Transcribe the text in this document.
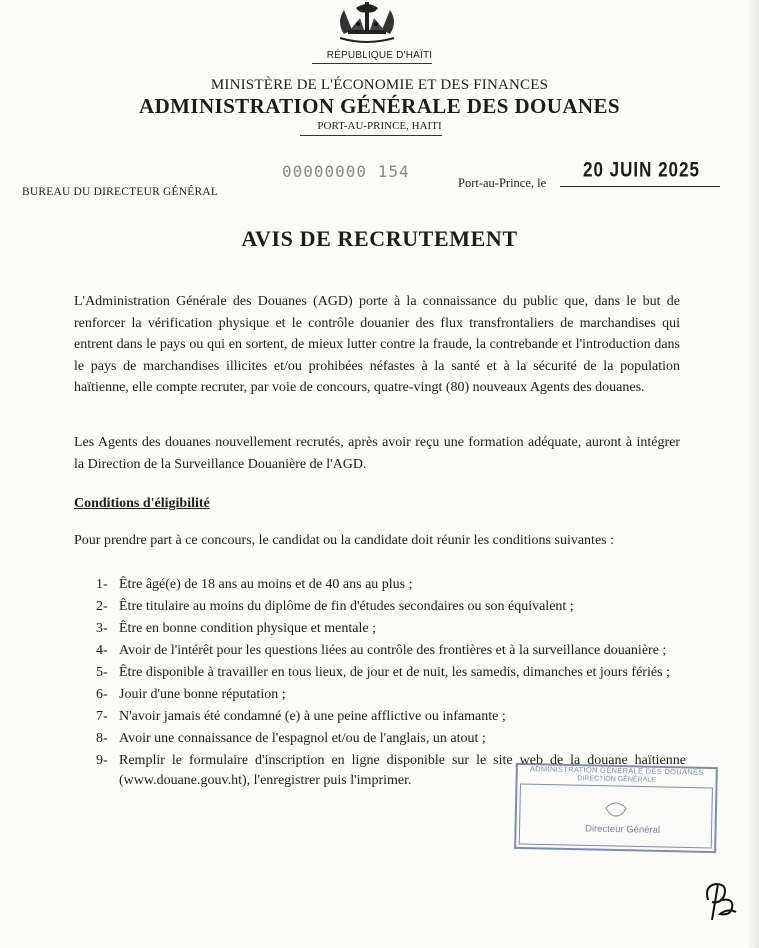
RÉPUBLIQUE D'HAÏTI
MINISTÈRE DE L'ÉCONOMIE ET DES FINANCES
ADMINISTRATION GÉNÉRALE DES DOUANES
PORT-AU-PRINCE, HAITI
00000000 154
BUREAU DU DIRECTEUR GÉNÉRAL
Port-au-Prince, le
20 JUIN 2025
AVIS DE RECRUTEMENT
L'Administration Générale des Douanes (AGD) porte à la connaissance du public que, dans le but de renforcer la vérification physique et le contrôle douanier des flux transfrontaliers de marchandises qui entrent dans le pays ou qui en sortent, de mieux lutter contre la fraude, la contrebande et l'introduction dans le pays de marchandises illicites et/ou prohibées néfastes à la santé et à la sécurité de la population haïtienne, elle compte recruter, par voie de concours, quatre-vingt (80) nouveaux Agents des douanes.
Les Agents des douanes nouvellement recrutés, après avoir reçu une formation adéquate, auront à intégrer la Direction de la Surveillance Douanière de l'AGD.
Conditions d'éligibilité
Pour prendre part à ce concours, le candidat ou la candidate doit réunir les conditions suivantes :
1- Être âgé(e) de 18 ans au moins et de 40 ans au plus ;
2- Être titulaire au moins du diplôme de fin d'études secondaires ou son équivalent ;
3- Être en bonne condition physique et mentale ;
4- Avoir de l'intérêt pour les questions liées au contrôle des frontières et à la surveillance douanière ;
5- Être disponible à travailler en tous lieux, de jour et de nuit, les samedis, dimanches et jours fériés ;
6- Jouir d'une bonne réputation ;
7- N'avoir jamais été condamné (e) à une peine afflictive ou infamante ;
8- Avoir une connaissance de l'espagnol et/ou de l'anglais, un atout ;
9- Remplir le formulaire d'inscription en ligne disponible sur le site web de la douane haïtienne (www.douane.gouv.ht), l'enregistrer puis l'imprimer.
ADMINISTRATION GÉNÉRALE DES DOUANES
DIRECTION GÉNÉRALE
Directeur Général
